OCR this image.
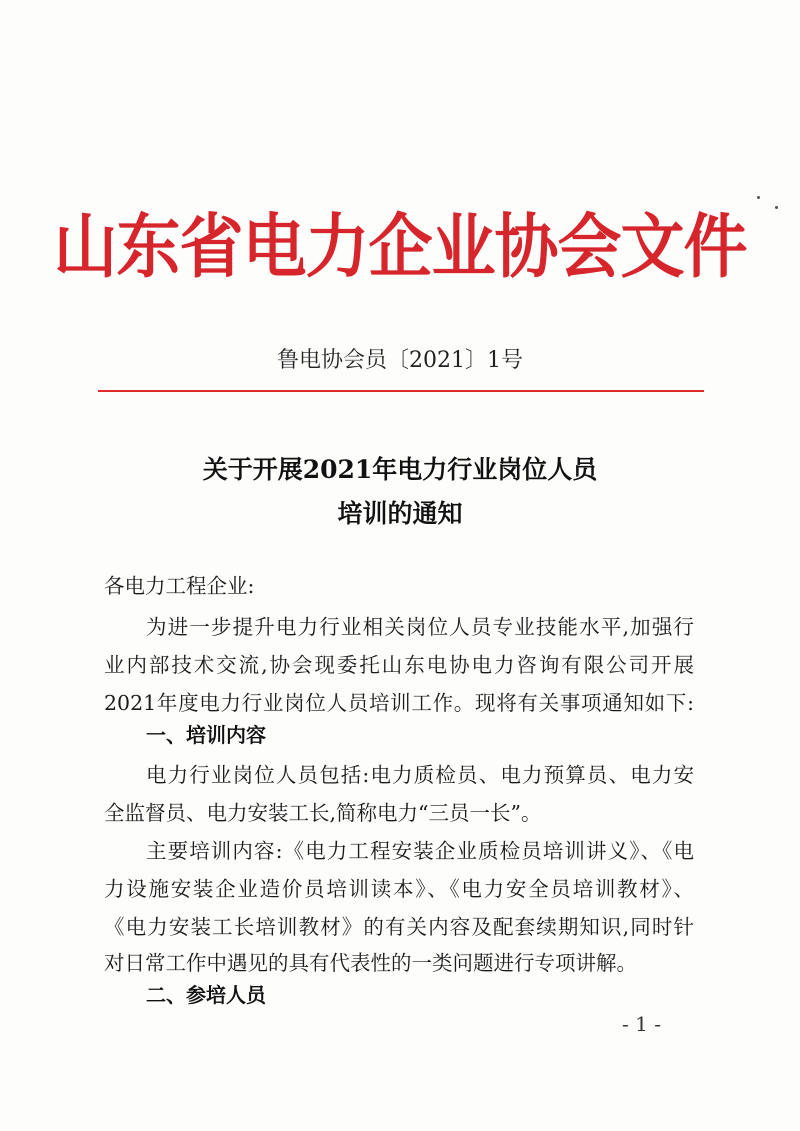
山东省电力企业协会文件
鲁电协会员〔2021〕1号
关于开展2021年电力行业岗位人员
培训的通知
各电力工程企业:
为进一步提升电力行业相关岗位人员专业技能水平,加强行
业内部技术交流,协会现委托山东电协电力咨询有限公司开展
2021年度电力行业岗位人员培训工作。现将有关事项通知如下:
一、培训内容
电力行业岗位人员包括:电力质检员、电力预算员、电力安
全监督员、电力安装工长,简称电力“三员一长”。
主要培训内容:《电力工程安装企业质检员培训讲义》、《电
力设施安装企业造价员培训读本》、《电力安全员培训教材》、
《电力安装工长培训教材》的有关内容及配套续期知识,同时针
对日常工作中遇见的具有代表性的一类问题进行专项讲解。
二、参培人员
- 1 -
